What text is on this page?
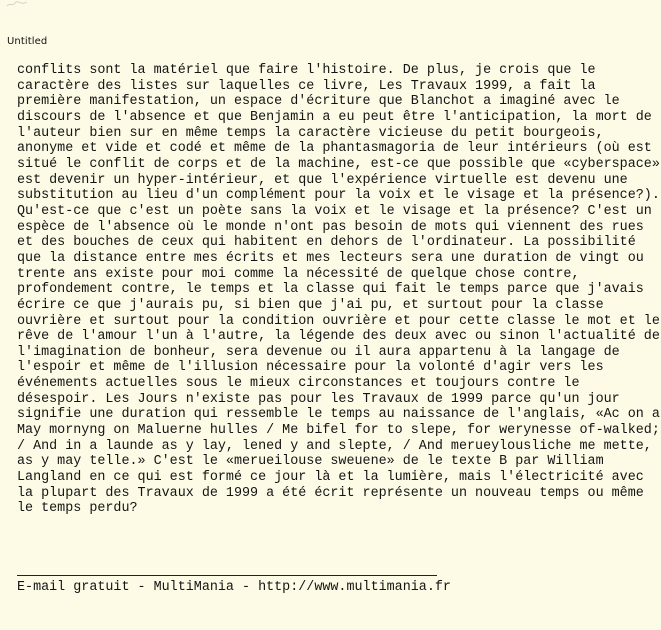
Untitled
conflits sont la matériel que faire l'histoire. De plus, je crois que le
caractère des listes sur laquelles ce livre, Les Travaux 1999, a fait la
première manifestation, un espace d'écriture que Blanchot a imaginé avec le
discours de l'absence et que Benjamin a eu peut être l'anticipation, la mort de
l'auteur bien sur en même temps la caractère vicieuse du petit bourgeois,
anonyme et vide et codé et même de la phantasmagoria de leur intérieurs (où est
situé le conflit de corps et de la machine, est-ce que possible que «cyberspace»
est devenir un hyper-intérieur, et que l'expérience virtuelle est devenu une
substitution au lieu d'un complément pour la voix et le visage et la présence?).
Qu'est-ce que c'est un poète sans la voix et le visage et la présence? C'est un
espèce de l'absence où le monde n'ont pas besoin de mots qui viennent des rues
et des bouches de ceux qui habitent en dehors de l'ordinateur. La possibilité
que la distance entre mes écrits et mes lecteurs sera une duration de vingt ou
trente ans existe pour moi comme la nécessité de quelque chose contre,
profondement contre, le temps et la classe qui fait le temps parce que j'avais
écrire ce que j'aurais pu, si bien que j'ai pu, et surtout pour la classe
ouvrière et surtout pour la condition ouvrière et pour cette classe le mot et le
rêve de l'amour l'un à l'autre, la légende des deux avec ou sinon l'actualité de
l'imagination de bonheur, sera devenue ou il aura appartenu à la langage de
l'espoir et même de l'illusion nécessaire pour la volonté d'agir vers les
événements actuelles sous le mieux circonstances et toujours contre le
désespoir. Les Jours n'existe pas pour les Travaux de 1999 parce qu'un jour
signifie une duration qui ressemble le temps au naissance de l'anglais, «Ac on a
May mornyng on Maluerne hulles / Me bifel for to slepe, for werynesse of-walked;
/ And in a launde as y lay, lened y and slepte, / And merueylousliche me mette,
as y may telle.» C'est le «merueilouse sweuene» de le texte B par William
Langland en ce qui est formé ce jour là et la lumière, mais l'électricité avec
la plupart des Travaux de 1999 a été écrit représente un nouveau temps ou même
le temps perdu?
E-mail gratuit - MultiMania - http://www.multimania.fr
